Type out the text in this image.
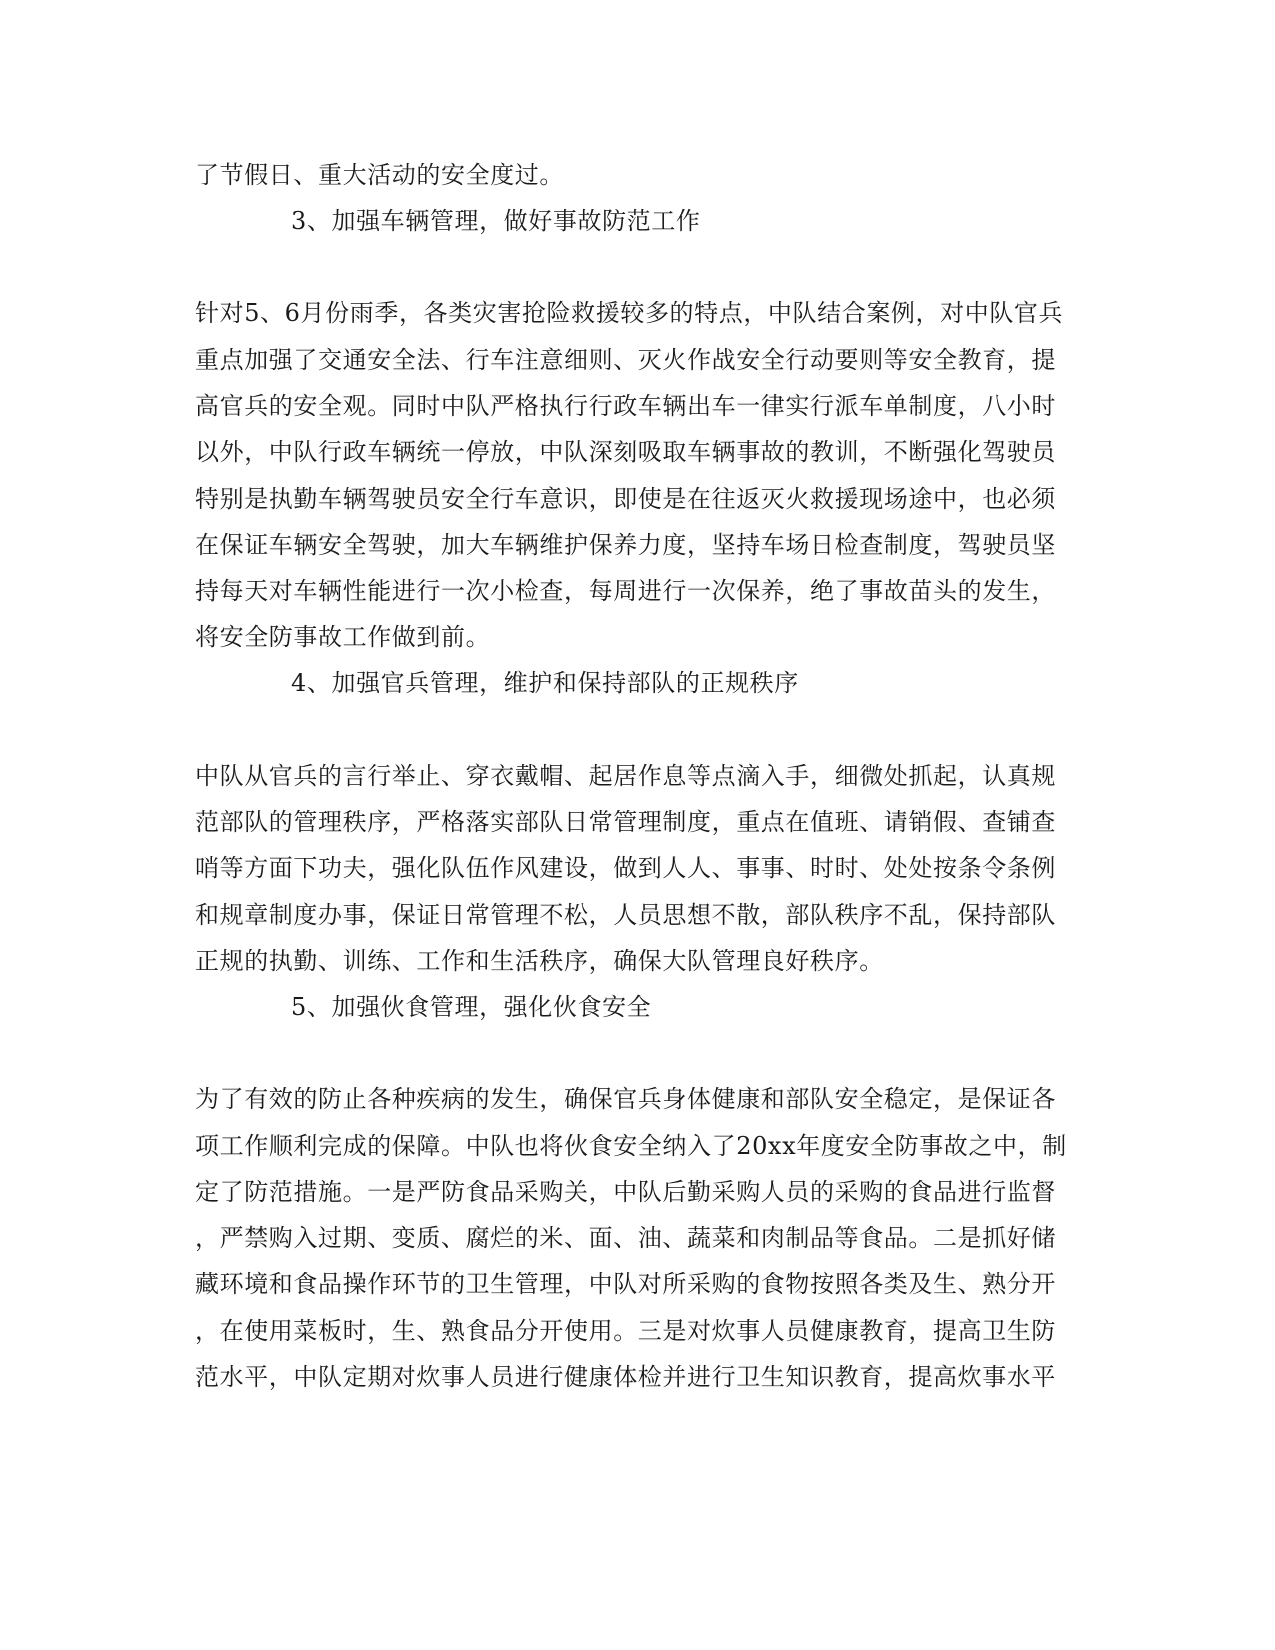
了节假日、重大活动的安全度过。
3、加强车辆管理，做好事故防范工作
针对5、6月份雨季，各类灾害抢险救援较多的特点，中队结合案例，对中队官兵
重点加强了交通安全法、行车注意细则、灭火作战安全行动要则等安全教育，提
高官兵的安全观。同时中队严格执行行政车辆出车一律实行派车单制度，八小时
以外，中队行政车辆统一停放，中队深刻吸取车辆事故的教训，不断强化驾驶员
特别是执勤车辆驾驶员安全行车意识，即使是在往返灭火救援现场途中，也必须
在保证车辆安全驾驶，加大车辆维护保养力度，坚持车场日检查制度，驾驶员坚
持每天对车辆性能进行一次小检查，每周进行一次保养，绝了事故苗头的发生，
将安全防事故工作做到前。
4、加强官兵管理，维护和保持部队的正规秩序
中队从官兵的言行举止、穿衣戴帽、起居作息等点滴入手，细微处抓起，认真规
范部队的管理秩序，严格落实部队日常管理制度，重点在值班、请销假、查铺查
哨等方面下功夫，强化队伍作风建设，做到人人、事事、时时、处处按条令条例
和规章制度办事，保证日常管理不松，人员思想不散，部队秩序不乱，保持部队
正规的执勤、训练、工作和生活秩序，确保大队管理良好秩序。
5、加强伙食管理，强化伙食安全
为了有效的防止各种疾病的发生，确保官兵身体健康和部队安全稳定，是保证各
项工作顺利完成的保障。中队也将伙食安全纳入了20xx年度安全防事故之中，制
定了防范措施。一是严防食品采购关，中队后勤采购人员的采购的食品进行监督
，严禁购入过期、变质、腐烂的米、面、油、蔬菜和肉制品等食品。二是抓好储
藏环境和食品操作环节的卫生管理，中队对所采购的食物按照各类及生、熟分开
，在使用菜板时，生、熟食品分开使用。三是对炊事人员健康教育，提高卫生防
范水平，中队定期对炊事人员进行健康体检并进行卫生知识教育，提高炊事水平
